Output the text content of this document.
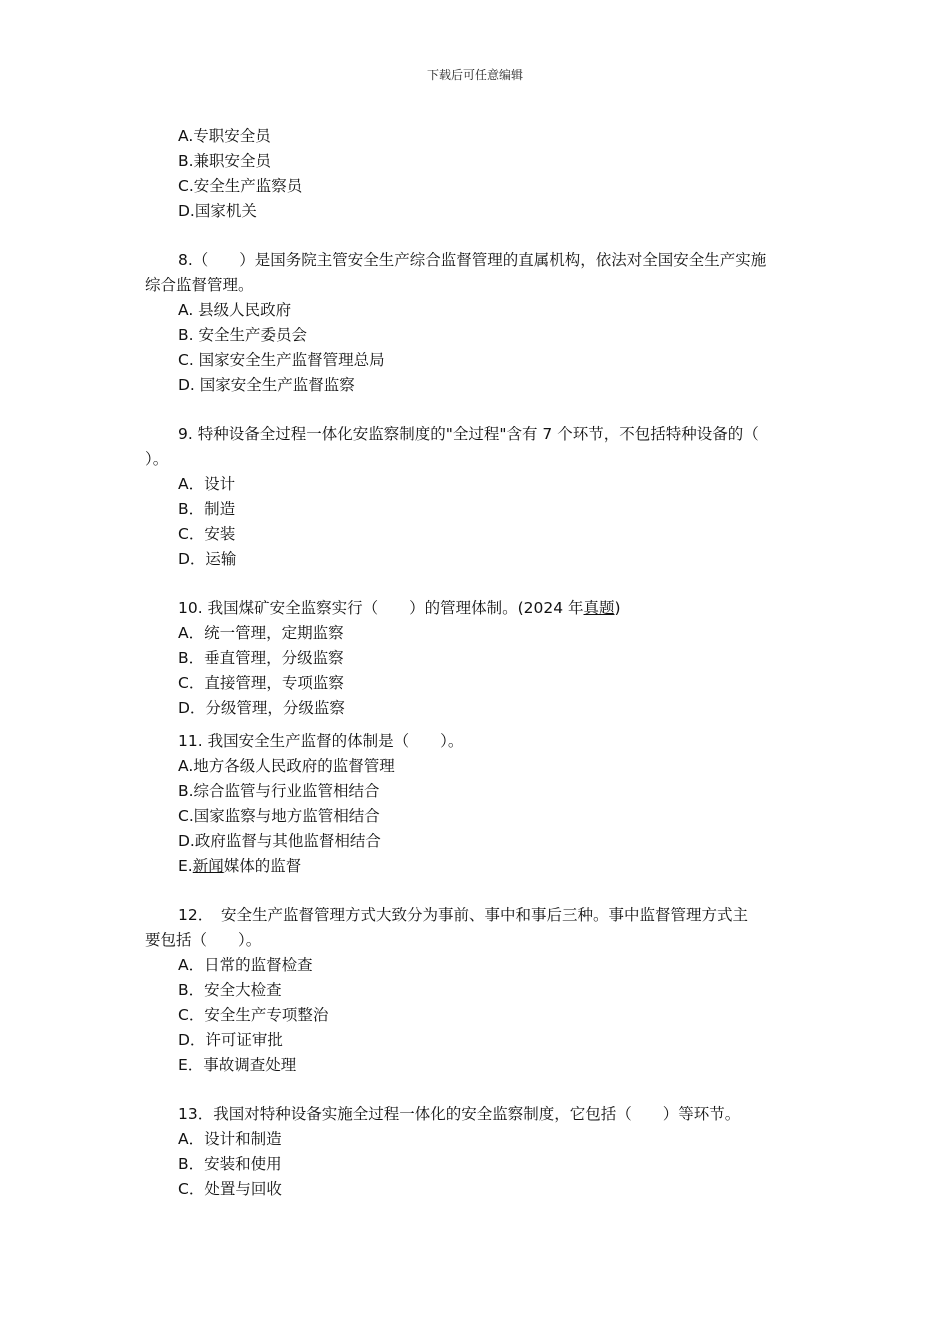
下载后可任意编辑
A.专职安全员
B.兼职安全员
C.安全生产监察员
D.国家机关
8.（　　）是国务院主管安全生产综合监督管理的直属机构，依法对全国安全生产实施
综合监督管理。
A. 县级人民政府
B. 安全生产委员会
C. 国家安全生产监督管理总局
D. 国家安全生产监督监察
9. 特种设备全过程一体化安监察制度的"全过程"含有 7 个环节，不包括特种设备的（
）。
A．设计
B．制造
C．安装
D．运输
10. 我国煤矿安全监察实行（　　）的管理体制。(2024 年真题)
A．统一管理，定期监察
B．垂直管理，分级监察
C．直接管理，专项监察
D．分级管理，分级监察
11. 我国安全生产监督的体制是（　　）。
A.地方各级人民政府的监督管理
B.综合监管与行业监管相结合
C.国家监察与地方监管相结合
D.政府监督与其他监督相结合
E.新闻媒体的监督
12．　安全生产监督管理方式大致分为事前、事中和事后三种。事中监督管理方式主
要包括（　　）。
A．日常的监督检查
B．安全大检查
C．安全生产专项整治
D．许可证审批
E．事故调查处理
13．我国对特种设备实施全过程一体化的安全监察制度，它包括（　　）等环节。
A．设计和制造
B．安装和使用
C．处置与回收
